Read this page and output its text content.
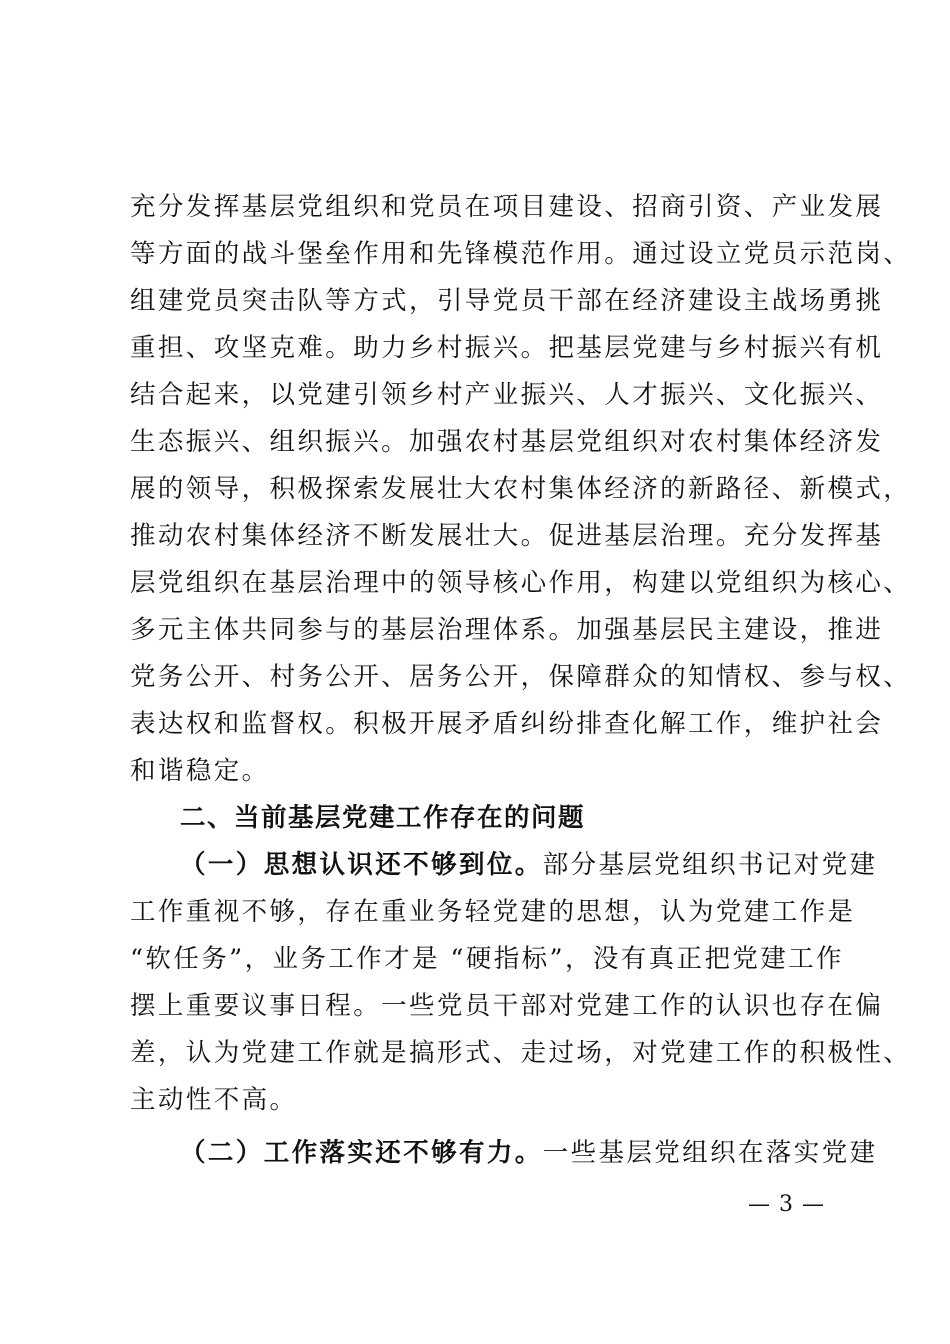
充分发挥基层党组织和党员在项目建设、招商引资、产业发展
等方面的战斗堡垒作用和先锋模范作用。通过设立党员示范岗、
组建党员突击队等方式，引导党员干部在经济建设主战场勇挑
重担、攻坚克难。助力乡村振兴。把基层党建与乡村振兴有机
结合起来，以党建引领乡村产业振兴、人才振兴、文化振兴、
生态振兴、组织振兴。加强农村基层党组织对农村集体经济发
展的领导，积极探索发展壮大农村集体经济的新路径、新模式，
推动农村集体经济不断发展壮大。促进基层治理。充分发挥基
层党组织在基层治理中的领导核心作用，构建以党组织为核心、
多元主体共同参与的基层治理体系。加强基层民主建设，推进
党务公开、村务公开、居务公开，保障群众的知情权、参与权、
表达权和监督权。积极开展矛盾纠纷排查化解工作，维护社会
和谐稳定。
二、当前基层党建工作存在的问题
（一）思想认识还不够到位。部分基层党组织书记对党建
工作重视不够，存在重业务轻党建的思想，认为党建工作是
“软任务”，业务工作才是 “硬指标”，没有真正把党建工作
摆上重要议事日程。一些党员干部对党建工作的认识也存在偏
差，认为党建工作就是搞形式、走过场，对党建工作的积极性、
主动性不高。
（二）工作落实还不够有力。一些基层党组织在落实党建
— 3 —
